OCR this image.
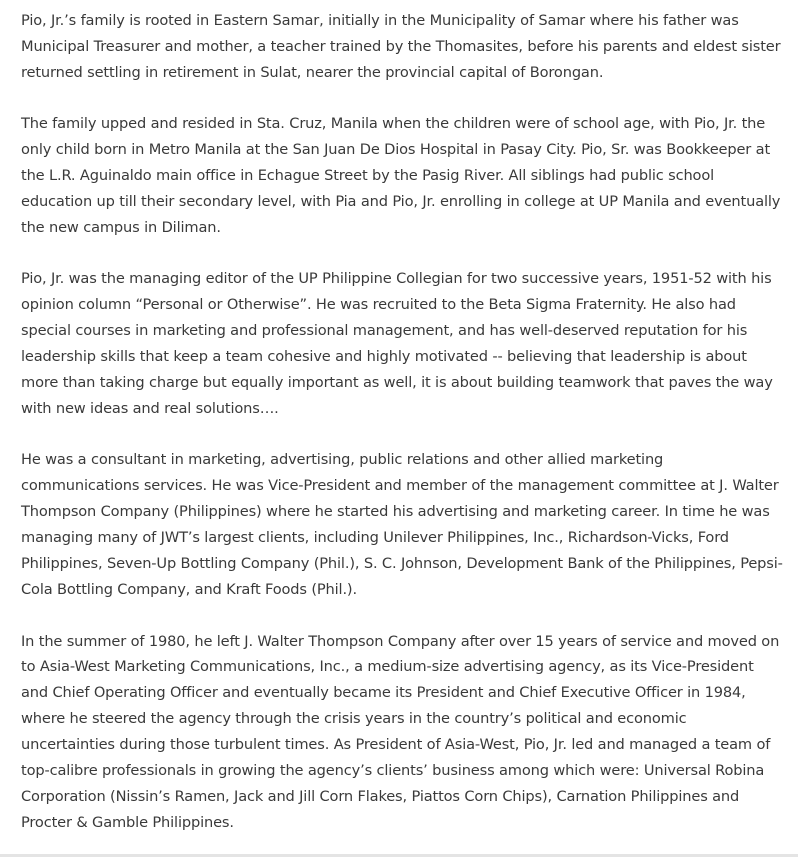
Pio, Jr.’s family is rooted in Eastern Samar, initially in the Municipality of Samar where his father was Municipal Treasurer and mother, a teacher trained by the Thomasites, before his parents and eldest sister returned settling in retirement in Sulat, nearer the provincial capital of Borongan.

The family upped and resided in Sta. Cruz, Manila when the children were of school age, with Pio, Jr. the only child born in Metro Manila at the San Juan De Dios Hospital in Pasay City. Pio, Sr. was Bookkeeper at the L.R. Aguinaldo main office in Echague Street by the Pasig River. All siblings had public school education up till their secondary level, with Pia and Pio, Jr. enrolling in college at UP Manila and eventually the new campus in Diliman.

Pio, Jr. was the managing editor of the UP Philippine Collegian for two successive years, 1951-52 with his opinion column “Personal or Otherwise”. He was recruited to the Beta Sigma Fraternity. He also had special courses in marketing and professional management, and has well-deserved reputation for his leadership skills that keep a team cohesive and highly motivated -- believing that leadership is about more than taking charge but equally important as well, it is about building teamwork that paves the way with new ideas and real solutions….

He was a consultant in marketing, advertising, public relations and other allied marketing communications services. He was Vice-President and member of the management committee at J. Walter Thompson Company (Philippines) where he started his advertising and marketing career. In time he was managing many of JWT’s largest clients, including Unilever Philippines, Inc., Richardson-Vicks, Ford Philippines, Seven-Up Bottling Company (Phil.), S. C. Johnson, Development Bank of the Philippines, Pepsi-Cola Bottling Company, and Kraft Foods (Phil.).

In the summer of 1980, he left J. Walter Thompson Company after over 15 years of service and moved on to Asia-West Marketing Communications, Inc., a medium-size advertising agency, as its Vice-President and Chief Operating Officer and eventually became its President and Chief Executive Officer in 1984, where he steered the agency through the crisis years in the country’s political and economic uncertainties during those turbulent times. As President of Asia-West, Pio, Jr. led and managed a team of top-calibre professionals in growing the agency’s clients’ business among which were: Universal Robina Corporation (Nissin’s Ramen, Jack and Jill Corn Flakes, Piattos Corn Chips), Carnation Philippines and Procter & Gamble Philippines.
